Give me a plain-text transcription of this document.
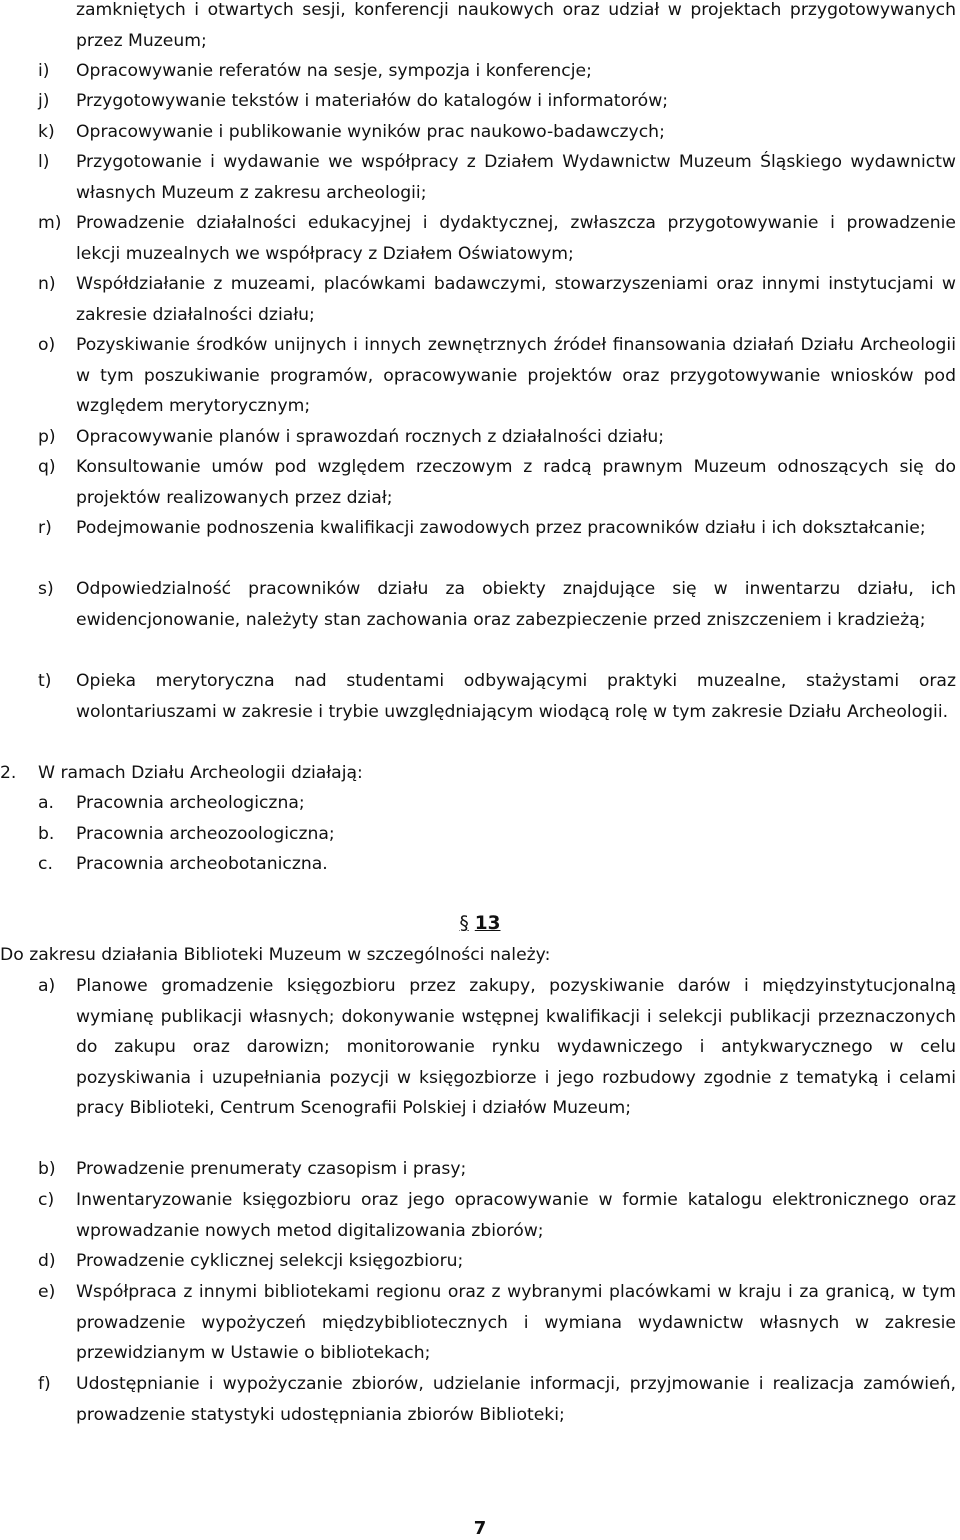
zamkniętych i otwartych sesji, konferencji naukowych oraz udział w projektach przygotowywanych przez Muzeum;
i) Opracowywanie referatów na sesje, sympozja i konferencje;
j) Przygotowywanie tekstów i materiałów do katalogów i informatorów;
k) Opracowywanie i publikowanie wyników prac naukowo-badawczych;
l) Przygotowanie i wydawanie we współpracy z Działem Wydawnictw Muzeum Śląskiego wydawnictw własnych Muzeum z zakresu archeologii;
m) Prowadzenie działalności edukacyjnej i dydaktycznej, zwłaszcza przygotowywanie i prowadzenie lekcji muzealnych we współpracy z Działem Oświatowym;
n) Współdziałanie z muzeami, placówkami badawczymi, stowarzyszeniami oraz innymi instytucjami w zakresie działalności działu;
o) Pozyskiwanie środków unijnych i innych zewnętrznych źródeł finansowania działań Działu Archeologii w tym poszukiwanie programów, opracowywanie projektów oraz przygotowywanie wniosków pod względem merytorycznym;
p) Opracowywanie planów i sprawozdań rocznych z działalności działu;
q) Konsultowanie umów pod względem rzeczowym z radcą prawnym Muzeum odnoszących się do projektów realizowanych przez dział;
r) Podejmowanie podnoszenia kwalifikacji zawodowych przez pracowników działu i ich dokształcanie;
s) Odpowiedzialność pracowników działu za obiekty znajdujące się w inwentarzu działu, ich ewidencjonowanie, należyty stan zachowania oraz zabezpieczenie przed zniszczeniem i kradzieżą;
t) Opieka merytoryczna nad studentami odbywającymi praktyki muzealne, stażystami oraz wolontariuszami w zakresie i trybie uwzględniającym wiodącą rolę w tym zakresie Działu Archeologii.
2. W ramach Działu Archeologii działają:
a. Pracownia archeologiczna;
b. Pracownia archeozoologiczna;
c. Pracownia archeobotaniczna.
§ 13
Do zakresu działania Biblioteki Muzeum w szczególności należy:
a) Planowe gromadzenie księgozbioru przez zakupy, pozyskiwanie darów i międzyinstytucjonalną wymianę publikacji własnych; dokonywanie wstępnej kwalifikacji i selekcji publikacji przeznaczonych do zakupu oraz darowizn; monitorowanie rynku wydawniczego i antykwarycznego w celu pozyskiwania i uzupełniania pozycji w księgozbiorze i jego rozbudowy zgodnie z tematyką i celami pracy Biblioteki, Centrum Scenografii Polskiej i działów Muzeum;
b) Prowadzenie prenumeraty czasopism i prasy;
c) Inwentaryzowanie księgozbioru oraz jego opracowywanie w formie katalogu elektronicznego oraz wprowadzanie nowych metod digitalizowania zbiorów;
d) Prowadzenie cyklicznej selekcji księgozbioru;
e) Współpraca z innymi bibliotekami regionu oraz z wybranymi placówkami w kraju i za granicą, w tym prowadzenie wypożyczeń międzybibliotecznych i wymiana wydawnictw własnych w zakresie przewidzianym w Ustawie o bibliotekach;
f) Udostępnianie i wypożyczanie zbiorów, udzielanie informacji, przyjmowanie i realizacja zamówień, prowadzenie statystyki udostępniania zbiorów Biblioteki;
7
